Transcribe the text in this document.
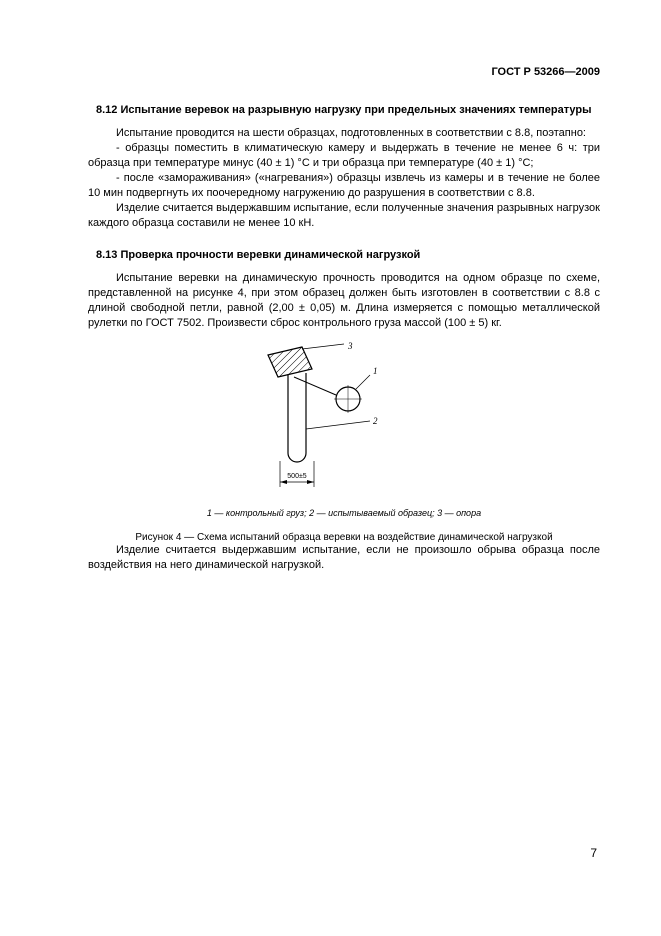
ГОСТ Р 53266—2009
8.12 Испытание веревок на разрывную нагрузку при предельных значениях температуры

Испытание проводится на шести образцах, подготовленных в соответствии с 8.8, поэтапно:

- образцы поместить в климатическую камеру и выдержать в течение не менее 6 ч: три образца при температуре минус (40 ± 1) °С и три образца при температуре (40 ± 1) °С;

- после «замораживания» («нагревания») образцы извлечь из камеры и в течение не более 10 мин подвергнуть их поочередному нагружению до разрушения в соответствии с 8.8.

Изделие считается выдержавшим испытание, если полученные значения разрывных нагрузок каждого образца составили не менее 10 кН.

8.13 Проверка прочности веревки динамической нагрузкой

Испытание веревки на динамическую прочность проводится на одном образце по схеме, представленной на рисунке 4, при этом образец должен быть изготовлен в соответствии с 8.8 с длиной свободной петли, равной (2,00 ± 0,05) м. Длина измеряется с помощью металлической рулетки по ГОСТ 7502. Произвести сброс контрольного груза массой (100 ± 5) кг.

3
1
2
500±5
1 — контрольный груз; 2 — испытываемый образец; 3 — опора
Рисунок 4 — Схема испытаний образца веревки на воздействие динамической нагрузкой

Изделие считается выдержавшим испытание, если не произошло обрыва образца после воздействия на него динамической нагрузкой.

7
